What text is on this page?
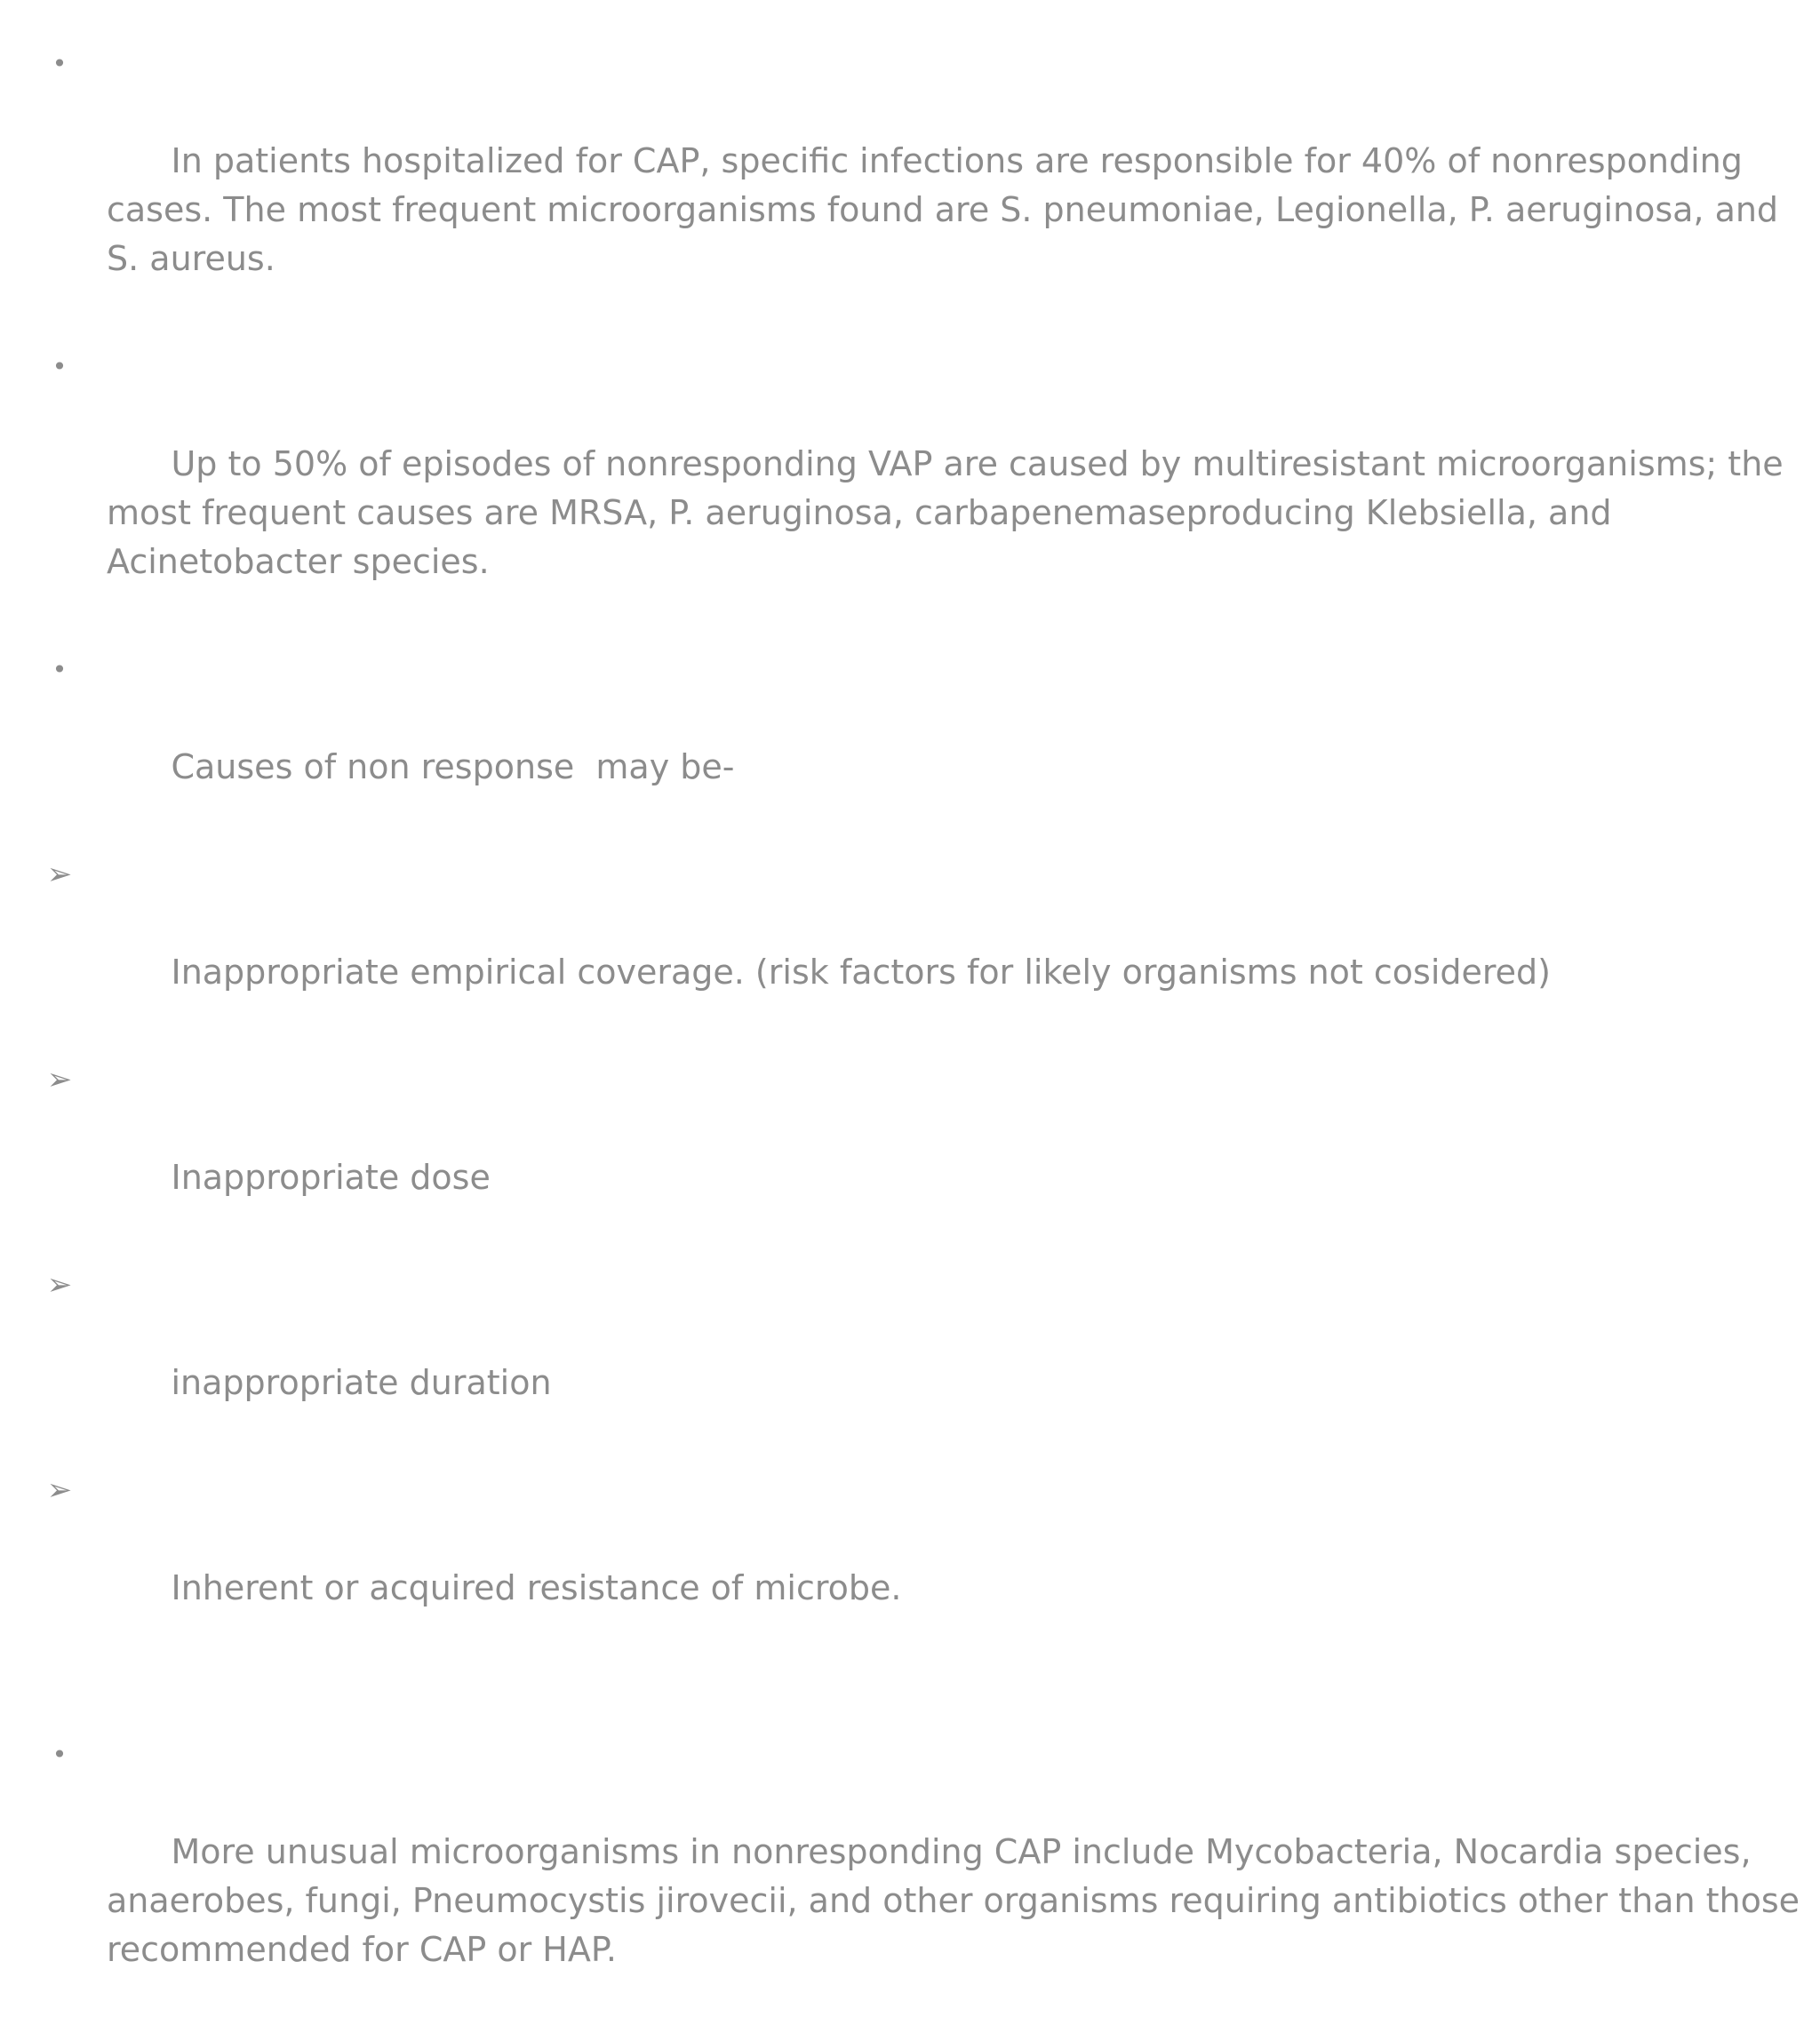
•

In patients hospitalized for CAP, specific infections are responsible for 40% of nonresponding cases. The most frequent microorganisms found are S. pneumoniae, Legionella, P. aeruginosa, and S. aureus.

•

Up to 50% of episodes of nonresponding VAP are caused by multiresistant microorganisms; the most frequent causes are MRSA, P. aeruginosa, carbapenemaseproducing Klebsiella, and Acinetobacter species.

•

Causes of non response  may be-

➢

Inappropriate empirical coverage. (risk factors for likely organisms not cosidered)

➢

Inappropriate dose

➢

inappropriate duration

➢

Inherent or acquired resistance of microbe.

•

More unusual microorganisms in nonresponding CAP include Mycobacteria, Nocardia species, anaerobes, fungi, Pneumocystis jirovecii, and other organisms requiring antibiotics other than those recommended for CAP or HAP.
